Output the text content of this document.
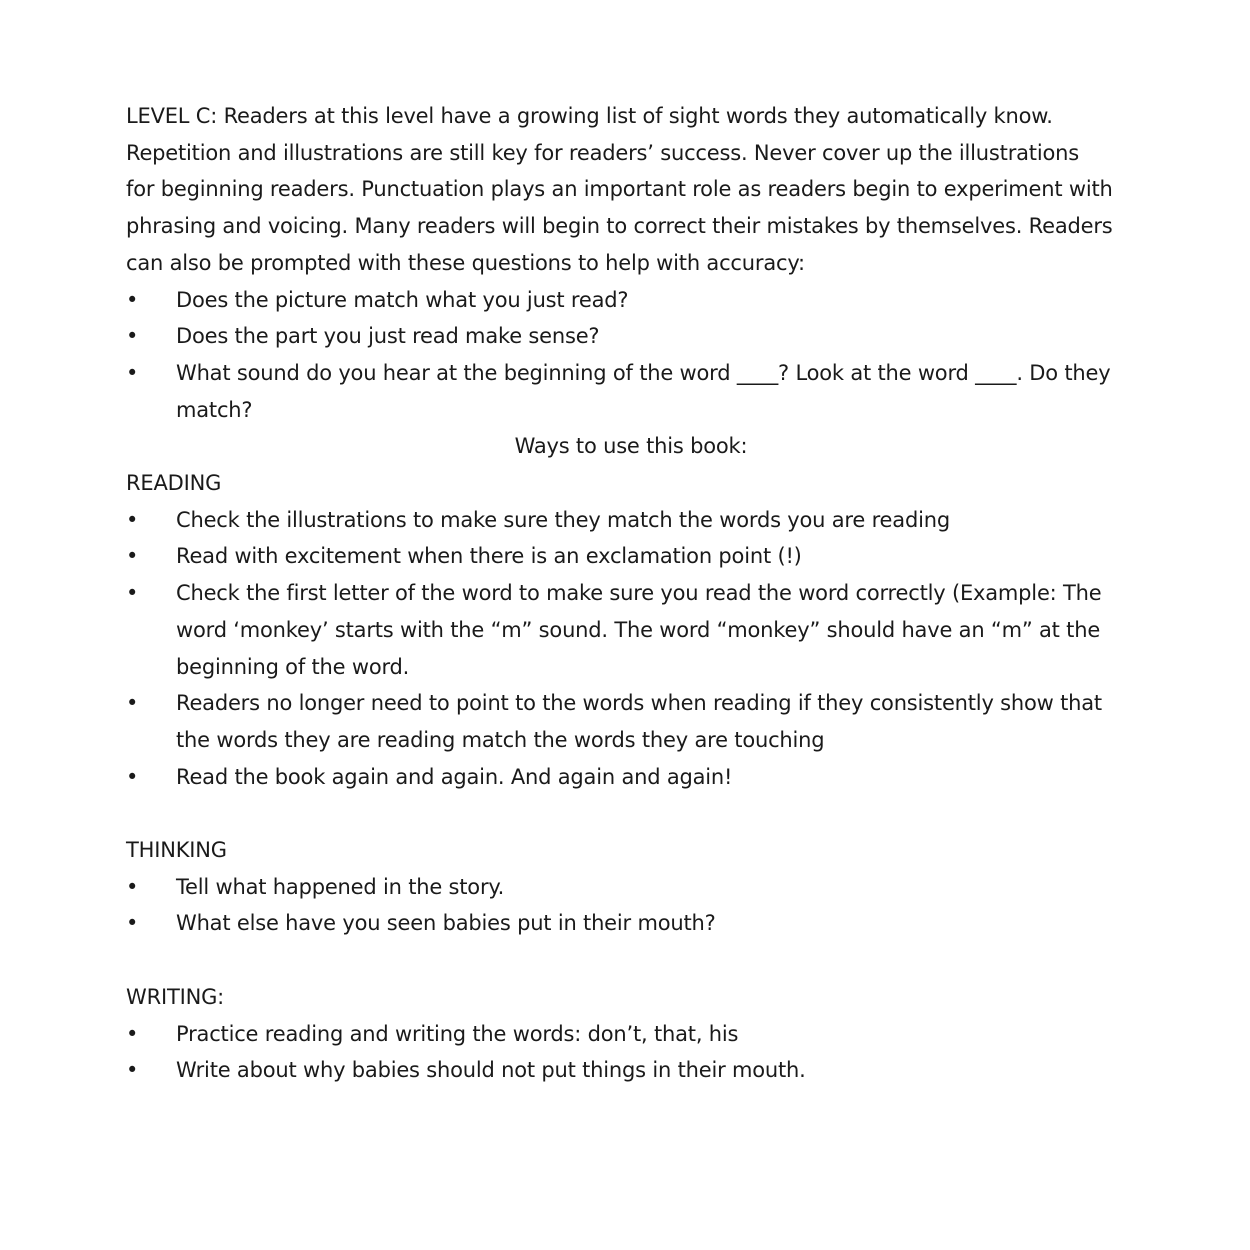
LEVEL C: Readers at this level have a growing list of sight words they automatically know.
Repetition and illustrations are still key for readers’ success. Never cover up the illustrations
for beginning readers. Punctuation plays an important role as readers begin to experiment with
phrasing and voicing. Many readers will begin to correct their mistakes by themselves. Readers
can also be prompted with these questions to help with accuracy:
• Does the picture match what you just read?
• Does the part you just read make sense?
• What sound do you hear at the beginning of the word ____? Look at the word ____. Do they match?
Ways to use this book:
READING
• Check the illustrations to make sure they match the words you are reading
• Read with excitement when there is an exclamation point (!)
• Check the first letter of the word to make sure you read the word correctly (Example: The word ‘monkey’ starts with the “m” sound. The word “monkey” should have an “m” at the beginning of the word.
• Readers no longer need to point to the words when reading if they consistently show that the words they are reading match the words they are touching
• Read the book again and again. And again and again!
THINKING
• Tell what happened in the story.
• What else have you seen babies put in their mouth?
WRITING:
• Practice reading and writing the words: don’t, that, his
• Write about why babies should not put things in their mouth.
